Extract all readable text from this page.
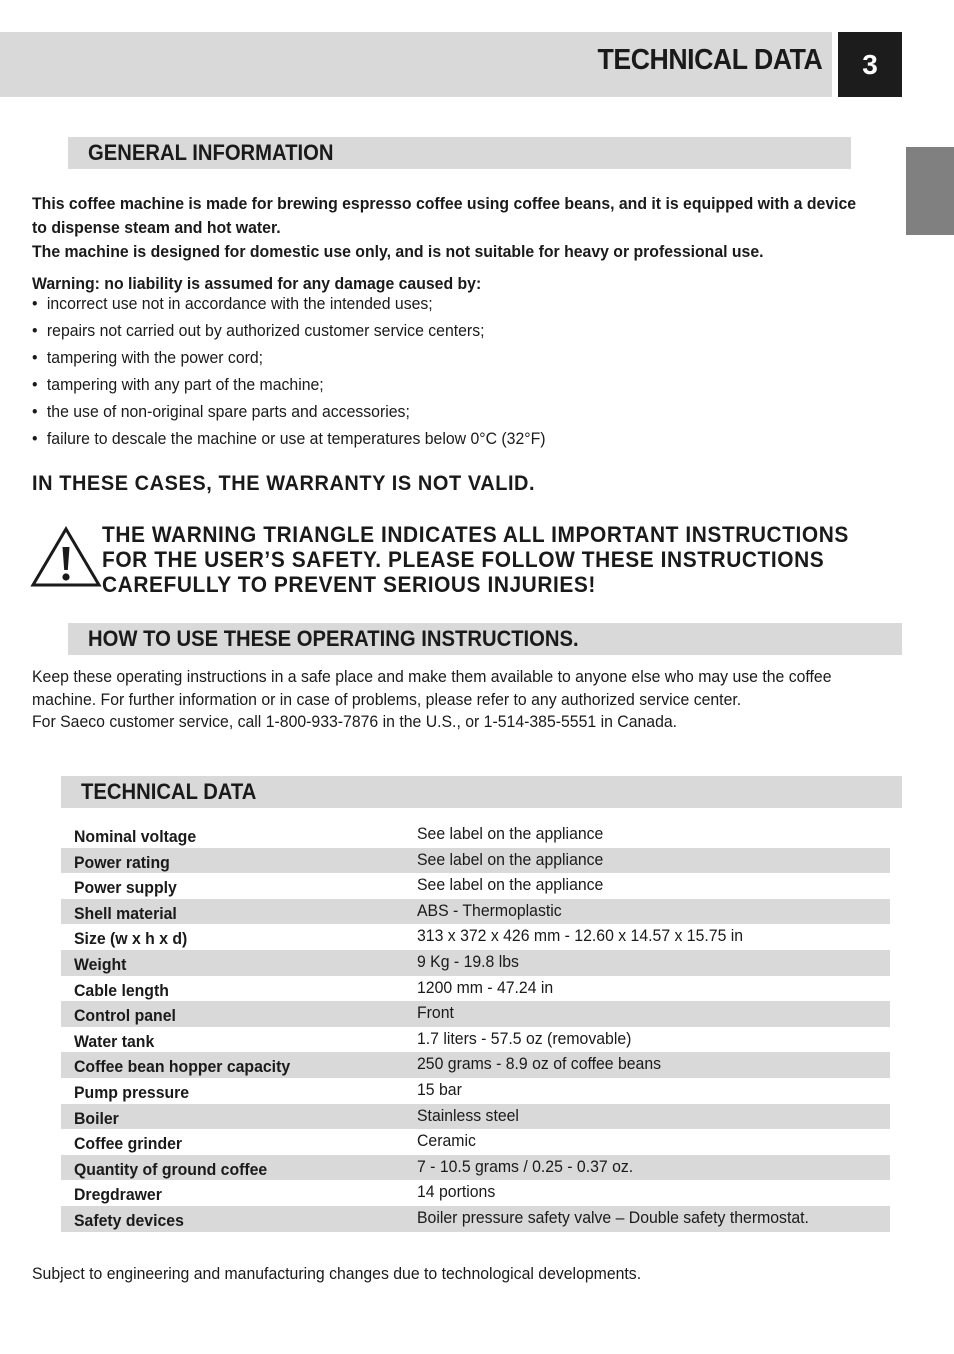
TECHNICAL DATA	3
GENERAL INFORMATION

This coffee machine is made for brewing espresso coffee using coffee beans, and it is equipped with a device

to dispense steam and hot water.

The machine is designed for domestic use only, and is not suitable for heavy or professional use.

Warning: no liability is assumed for any damage caused by:
• incorrect use not in accordance with the intended uses;
• repairs not carried out by authorized customer service centers;
• tampering with the power cord;
• tampering with any part of the machine;
• the use of non-original spare parts and accessories;
• failure to descale the machine or use at temperatures below 0°C (32°F)
IN THESE CASES, THE WARRANTY IS NOT VALID.
THE WARNING TRIANGLE INDICATES ALL IMPORTANT INSTRUCTIONS
FOR THE USER’S SAFETY. PLEASE FOLLOW THESE INSTRUCTIONS
CAREFULLY TO PREVENT SERIOUS INJURIES!
HOW TO USE THESE OPERATING INSTRUCTIONS.

Keep these operating instructions in a safe place and make them available to anyone else who may use the coffee

machine. For further information or in case of problems, please refer to any authorized service center.

For Saeco customer service, call 1-800-933-7876 in the U.S., or 1-514-385-5551 in Canada.

TECHNICAL DATA
Nominal voltage	See label on the appliance
Power rating	See label on the appliance
Power supply	See label on the appliance
Shell material	ABS - Thermoplastic
Size (w x h x d)	313 x 372 x 426 mm - 12.60 x 14.57 x 15.75 in
Weight	9 Kg - 19.8 lbs
Cable length	1200 mm - 47.24 in
Control panel	Front
Water tank	1.7 liters - 57.5 oz (removable)
Coffee bean hopper capacity	250 grams - 8.9 oz of coffee beans
Pump pressure	15 bar
Boiler	Stainless steel
Coffee grinder	Ceramic
Quantity of ground coffee	7 - 10.5 grams / 0.25 - 0.37 oz.
Dregdrawer	14 portions
Safety devices	Boiler pressure safety valve – Double safety thermostat.
Subject to engineering and manufacturing changes due to technological developments.
